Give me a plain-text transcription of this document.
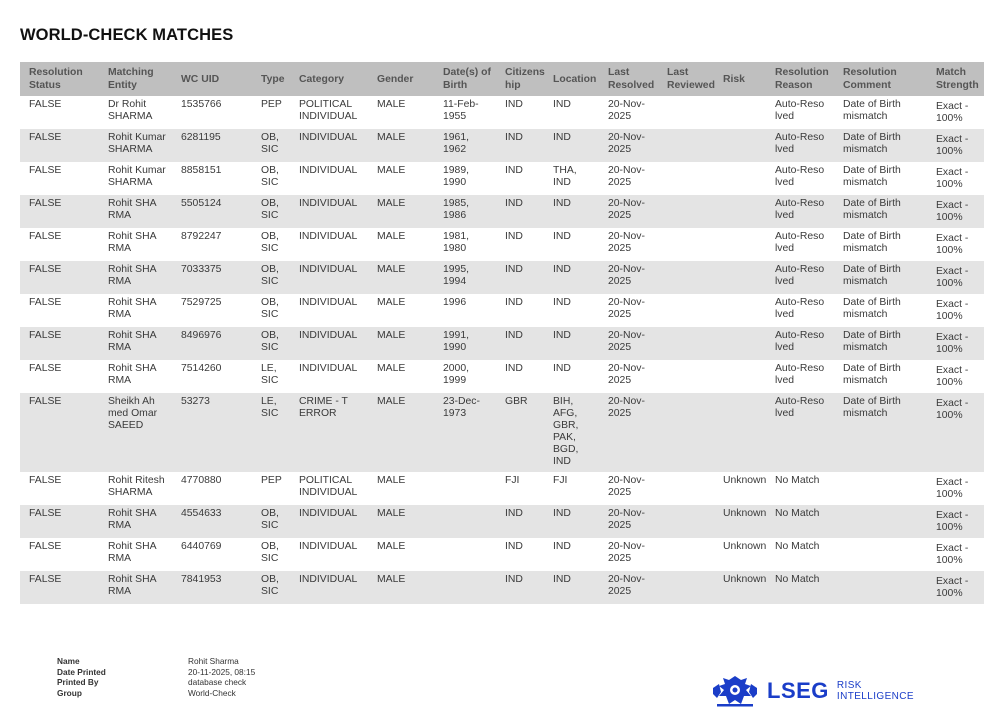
WORLD-CHECK MATCHES
Resolution Status	Matching Entity	WC UID	Type	Category	Gender	Date(s) of Birth	Citizens hip	Location	Last Resolved	Last Reviewed	Risk	Resolution Reason	Resolution Comment	Match Strength
FALSE	Dr Rohit SHARMA	1535766	PEP	POLITICAL INDIVIDUAL	MALE	11-Feb-1955	IND	IND	20-Nov-2025			Auto-Reso lved	Date of Birth mismatch	Exact - 100%
FALSE	Rohit Kumar SHARMA	6281195	OB, SIC	INDIVIDUAL	MALE	1961, 1962	IND	IND	20-Nov-2025			Auto-Reso lved	Date of Birth mismatch	Exact - 100%
FALSE	Rohit Kumar SHARMA	8858151	OB, SIC	INDIVIDUAL	MALE	1989, 1990	IND	THA, IND	20-Nov-2025			Auto-Reso lved	Date of Birth mismatch	Exact - 100%
FALSE	Rohit SHA RMA	5505124	OB, SIC	INDIVIDUAL	MALE	1985, 1986	IND	IND	20-Nov-2025			Auto-Reso lved	Date of Birth mismatch	Exact - 100%
FALSE	Rohit SHA RMA	8792247	OB, SIC	INDIVIDUAL	MALE	1981, 1980	IND	IND	20-Nov-2025			Auto-Reso lved	Date of Birth mismatch	Exact - 100%
FALSE	Rohit SHA RMA	7033375	OB, SIC	INDIVIDUAL	MALE	1995, 1994	IND	IND	20-Nov-2025			Auto-Reso lved	Date of Birth mismatch	Exact - 100%
FALSE	Rohit SHA RMA	7529725	OB, SIC	INDIVIDUAL	MALE	1996	IND	IND	20-Nov-2025			Auto-Reso lved	Date of Birth mismatch	Exact - 100%
FALSE	Rohit SHA RMA	8496976	OB, SIC	INDIVIDUAL	MALE	1991, 1990	IND	IND	20-Nov-2025			Auto-Reso lved	Date of Birth mismatch	Exact - 100%
FALSE	Rohit SHA RMA	7514260	LE, SIC	INDIVIDUAL	MALE	2000, 1999	IND	IND	20-Nov-2025			Auto-Reso lved	Date of Birth mismatch	Exact - 100%
FALSE	Sheikh Ah med Omar SAEED	53273	LE, SIC	CRIME - T ERROR	MALE	23-Dec-1973	GBR	BIH, AFG, GBR, PAK, BGD, IND	20-Nov-2025			Auto-Reso lved	Date of Birth mismatch	Exact - 100%
FALSE	Rohit Ritesh SHARMA	4770880	PEP	POLITICAL INDIVIDUAL	MALE		FJI	FJI	20-Nov-2025		Unknown	No Match		Exact - 100%
FALSE	Rohit SHA RMA	4554633	OB, SIC	INDIVIDUAL	MALE		IND	IND	20-Nov-2025		Unknown	No Match		Exact - 100%
FALSE	Rohit SHA RMA	6440769	OB, SIC	INDIVIDUAL	MALE		IND	IND	20-Nov-2025		Unknown	No Match		Exact - 100%
FALSE	Rohit SHA RMA	7841953	OB, SIC	INDIVIDUAL	MALE		IND	IND	20-Nov-2025		Unknown	No Match		Exact - 100%
Name	Rohit Sharma
Date Printed	20-11-2025, 08:15
Printed By	database check
Group	World-Check	LSEG RISK
INTELLIGENCE
